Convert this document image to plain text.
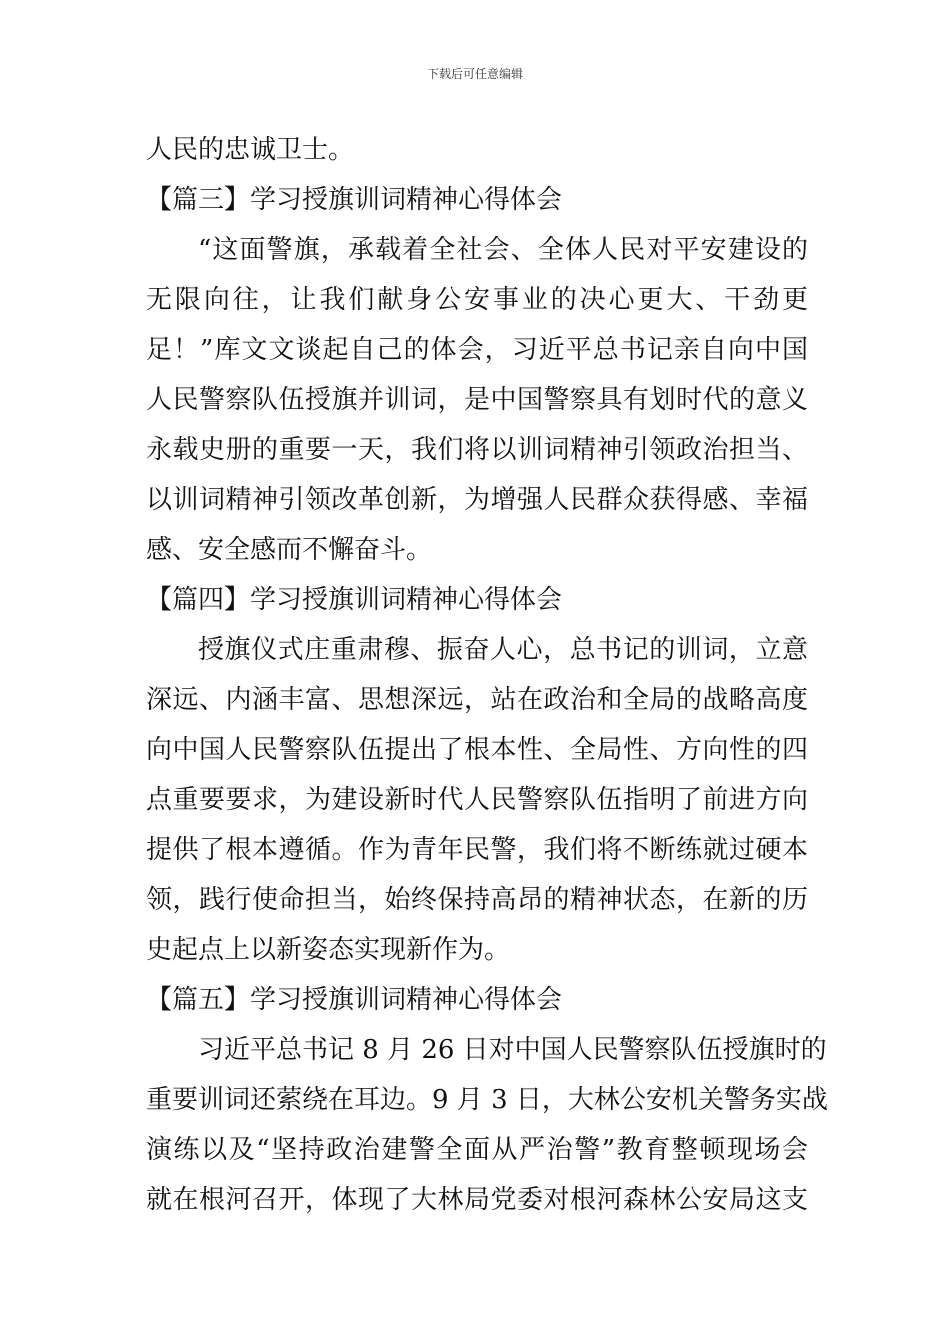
下载后可任意编辑
人民的忠诚卫士。
【篇三】学习授旗训词精神心得体会
“这面警旗，承载着全社会、全体人民对平安建设的
无限向往，让我们献身公安事业的决心更大、干劲更
足！”库文文谈起自己的体会，习近平总书记亲自向中国
人民警察队伍授旗并训词，是中国警察具有划时代的意义
永载史册的重要一天，我们将以训词精神引领政治担当、
以训词精神引领改革创新，为增强人民群众获得感、幸福
感、安全感而不懈奋斗。
【篇四】学习授旗训词精神心得体会
授旗仪式庄重肃穆、振奋人心，总书记的训词，立意
深远、内涵丰富、思想深远，站在政治和全局的战略高度
向中国人民警察队伍提出了根本性、全局性、方向性的四
点重要要求，为建设新时代人民警察队伍指明了前进方向
提供了根本遵循。作为青年民警，我们将不断练就过硬本
领，践行使命担当，始终保持高昂的精神状态，在新的历
史起点上以新姿态实现新作为。
【篇五】学习授旗训词精神心得体会
习近平总书记 8 月 26 日对中国人民警察队伍授旗时的
重要训词还萦绕在耳边。9 月 3 日，大林公安机关警务实战
演练以及“坚持政治建警全面从严治警”教育整顿现场会
就在根河召开，体现了大林局党委对根河森林公安局这支
